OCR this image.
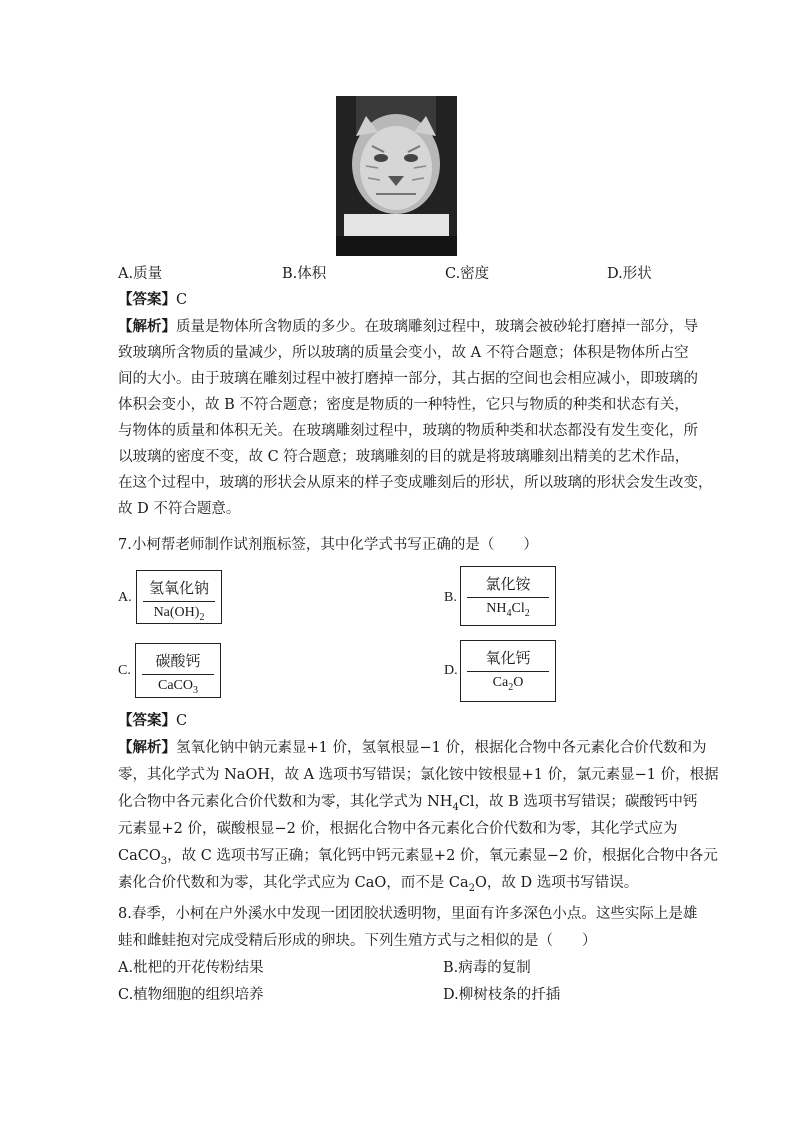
A.质量	B.体积	C.密度	D.形状
【答案】C
【解析】质量是物体所含物质的多少。在玻璃雕刻过程中，玻璃会被砂轮打磨掉一部分，导
致玻璃所含物质的量减少，所以玻璃的质量会变小，故 A 不符合题意；体积是物体所占空
间的大小。由于玻璃在雕刻过程中被打磨掉一部分，其占据的空间也会相应减小，即玻璃的
体积会变小，故 B 不符合题意；密度是物质的一种特性，它只与物质的种类和状态有关，
与物体的质量和体积无关。在玻璃雕刻过程中，玻璃的物质种类和状态都没有发生变化，所
以玻璃的密度不变，故 C 符合题意；玻璃雕刻的目的就是将玻璃雕刻出精美的艺术作品，
在这个过程中，玻璃的形状会从原来的样子变成雕刻后的形状，所以玻璃的形状会发生改变，
故 D 不符合题意。
7.小柯帮老师制作试剂瓶标签，其中化学式书写正确的是（　　）
A.
氢氧化钠
$Na(OH)_2$
B.
氯化铵
$NH_4Cl_2$
C.
碳酸钙
CaCO$_3$
D.
氧化钙
$Ca_2O$
【答案】C
【解析】氢氧化钠中钠元素显+1 价，氢氧根显−1 价，根据化合物中各元素化合价代数和为
零，其化学式为 NaOH，故 A 选项书写错误；氯化铵中铵根显+1 价，氯元素显−1 价，根据
化合物中各元素化合价代数和为零，其化学式为 $NH_4Cl$，故 B 选项书写错误；碳酸钙中钙
元素显+2 价，碳酸根显−2 价，根据化合物中各元素化合价代数和为零，其化学式应为
CaCO$_3$，故 C 选项书写正确；氧化钙中钙元素显+2 价，氧元素显−2 价，根据化合物中各元
素化合价代数和为零，其化学式应为 CaO，而不是 $Ca_2O$，故 D 选项书写错误。
8.春季，小柯在户外溪水中发现一团团胶状透明物，里面有许多深色小点。这些实际上是雄
蛙和雌蛙抱对完成受精后形成的卵块。下列生殖方式与之相似的是（　　）
A.枇杷的开花传粉结果	B.病毒的复制
C.植物细胞的组织培养	D.柳树枝条的扦插
